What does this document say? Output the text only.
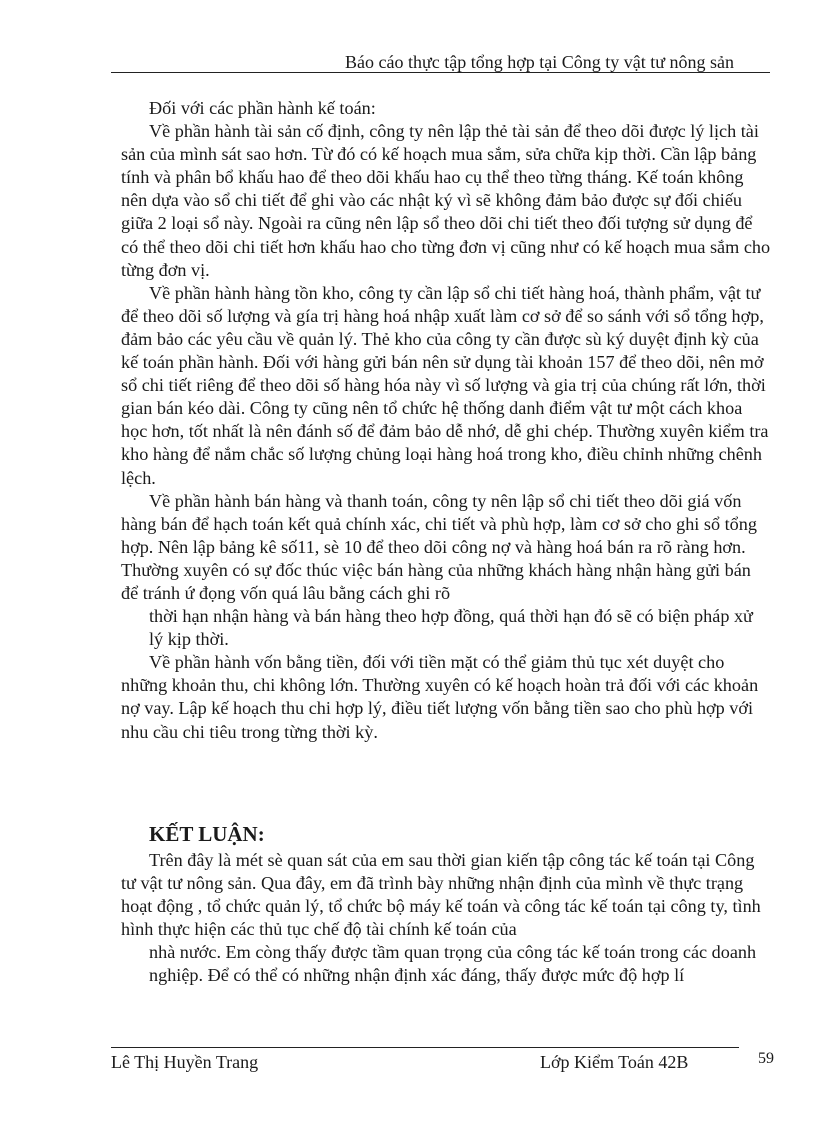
Báo cáo thực tập tổng hợp tại Công ty vật tư nông sản

Đối với các phần hành kế toán:

Về phần hành tài sản cố định, công ty nên lập thẻ tài sản để theo dõi được lý lịch tài sản của mình sát sao hơn. Từ đó có kế hoạch mua sắm, sửa chữa kịp thời. Cần lập bảng tính và phân bổ khấu hao để theo dõi khấu hao cụ thể theo từng tháng. Kế toán không nên dựa vào sổ chi tiết để ghi vào các nhật ký vì sẽ không đảm bảo được sự đối chiếu giữa 2 loại sổ này. Ngoài ra cũng nên lập sổ theo dõi chi tiết theo đối tượng sử dụng để có thể theo dõi chi tiết hơn khấu hao cho từng đơn vị cũng như có kế hoạch mua sắm cho từng đơn vị.

Về phần hành hàng tồn kho, công ty cần lập sổ chi tiết hàng hoá, thành phẩm, vật tư để theo dõi số lượng và gía trị hàng hoá nhập xuất làm cơ sở để so sánh với sổ tổng hợp, đảm bảo các yêu cầu về quản lý. Thẻ kho của công ty cần được sù ký duyệt định kỳ của kế toán phần hành. Đối với hàng gửi bán nên sử dụng tài khoản 157 để theo dõi, nên mở sổ chi tiết riêng để theo dõi số hàng hóa này vì số lượng và gia trị của chúng rất lớn, thời gian bán kéo dài. Công ty cũng nên tổ chức hệ thống danh điểm vật tư một cách khoa học hơn, tốt nhất là nên đánh số để đảm bảo dễ nhớ, dễ ghi chép. Thường xuyên kiểm tra kho hàng để nắm chắc số lượng chủng loại hàng hoá trong kho, điều chỉnh những chênh lệch.

Về phần hành bán hàng và thanh toán, công ty nên lập sổ chi tiết theo dõi giá vốn hàng bán để hạch toán kết quả chính xác, chi tiết và phù hợp, làm cơ sở cho ghi sổ tổng hợp. Nên lập bảng kê số11, sè 10 để theo dõi công nợ và hàng hoá bán ra rõ ràng hơn. Thường xuyên có sự đốc thúc việc bán hàng của những khách hàng nhận hàng gửi bán để tránh ứ đọng vốn quá lâu bằng cách ghi rõ

thời hạn nhận hàng và bán hàng theo hợp đồng, quá thời hạn đó sẽ có biện pháp xử lý kịp thời.

Về phần hành vốn bằng tiền, đối với tiền mặt có thể giảm thủ tục xét duyệt cho những khoản thu, chi không lớn. Thường xuyên có kế hoạch hoàn trả đối với các khoản nợ vay. Lập kế hoạch thu chi hợp lý, điều tiết lượng vốn bằng tiền sao cho phù hợp với nhu cầu chi tiêu trong từng thời kỳ.

KẾT LUẬN:

Trên đây là mét sè quan sát của em sau thời gian kiến tập công tác kế toán tại Công tư vật tư nông sản. Qua đây, em đã trình bày những nhận định của mình về thực trạng hoạt động , tổ chức quản lý, tổ chức bộ máy kế toán và công tác kế toán tại công ty, tình hình thực hiện các thủ tục chế độ tài chính kế toán của

nhà nước. Em còng thấy được tầm quan trọng của công tác kế toán trong các doanh nghiệp. Để có thể có những nhận định xác đáng, thấy được mức độ hợp lí

Lê Thị Huyền Trang	Lớp Kiểm Toán 42B	59
